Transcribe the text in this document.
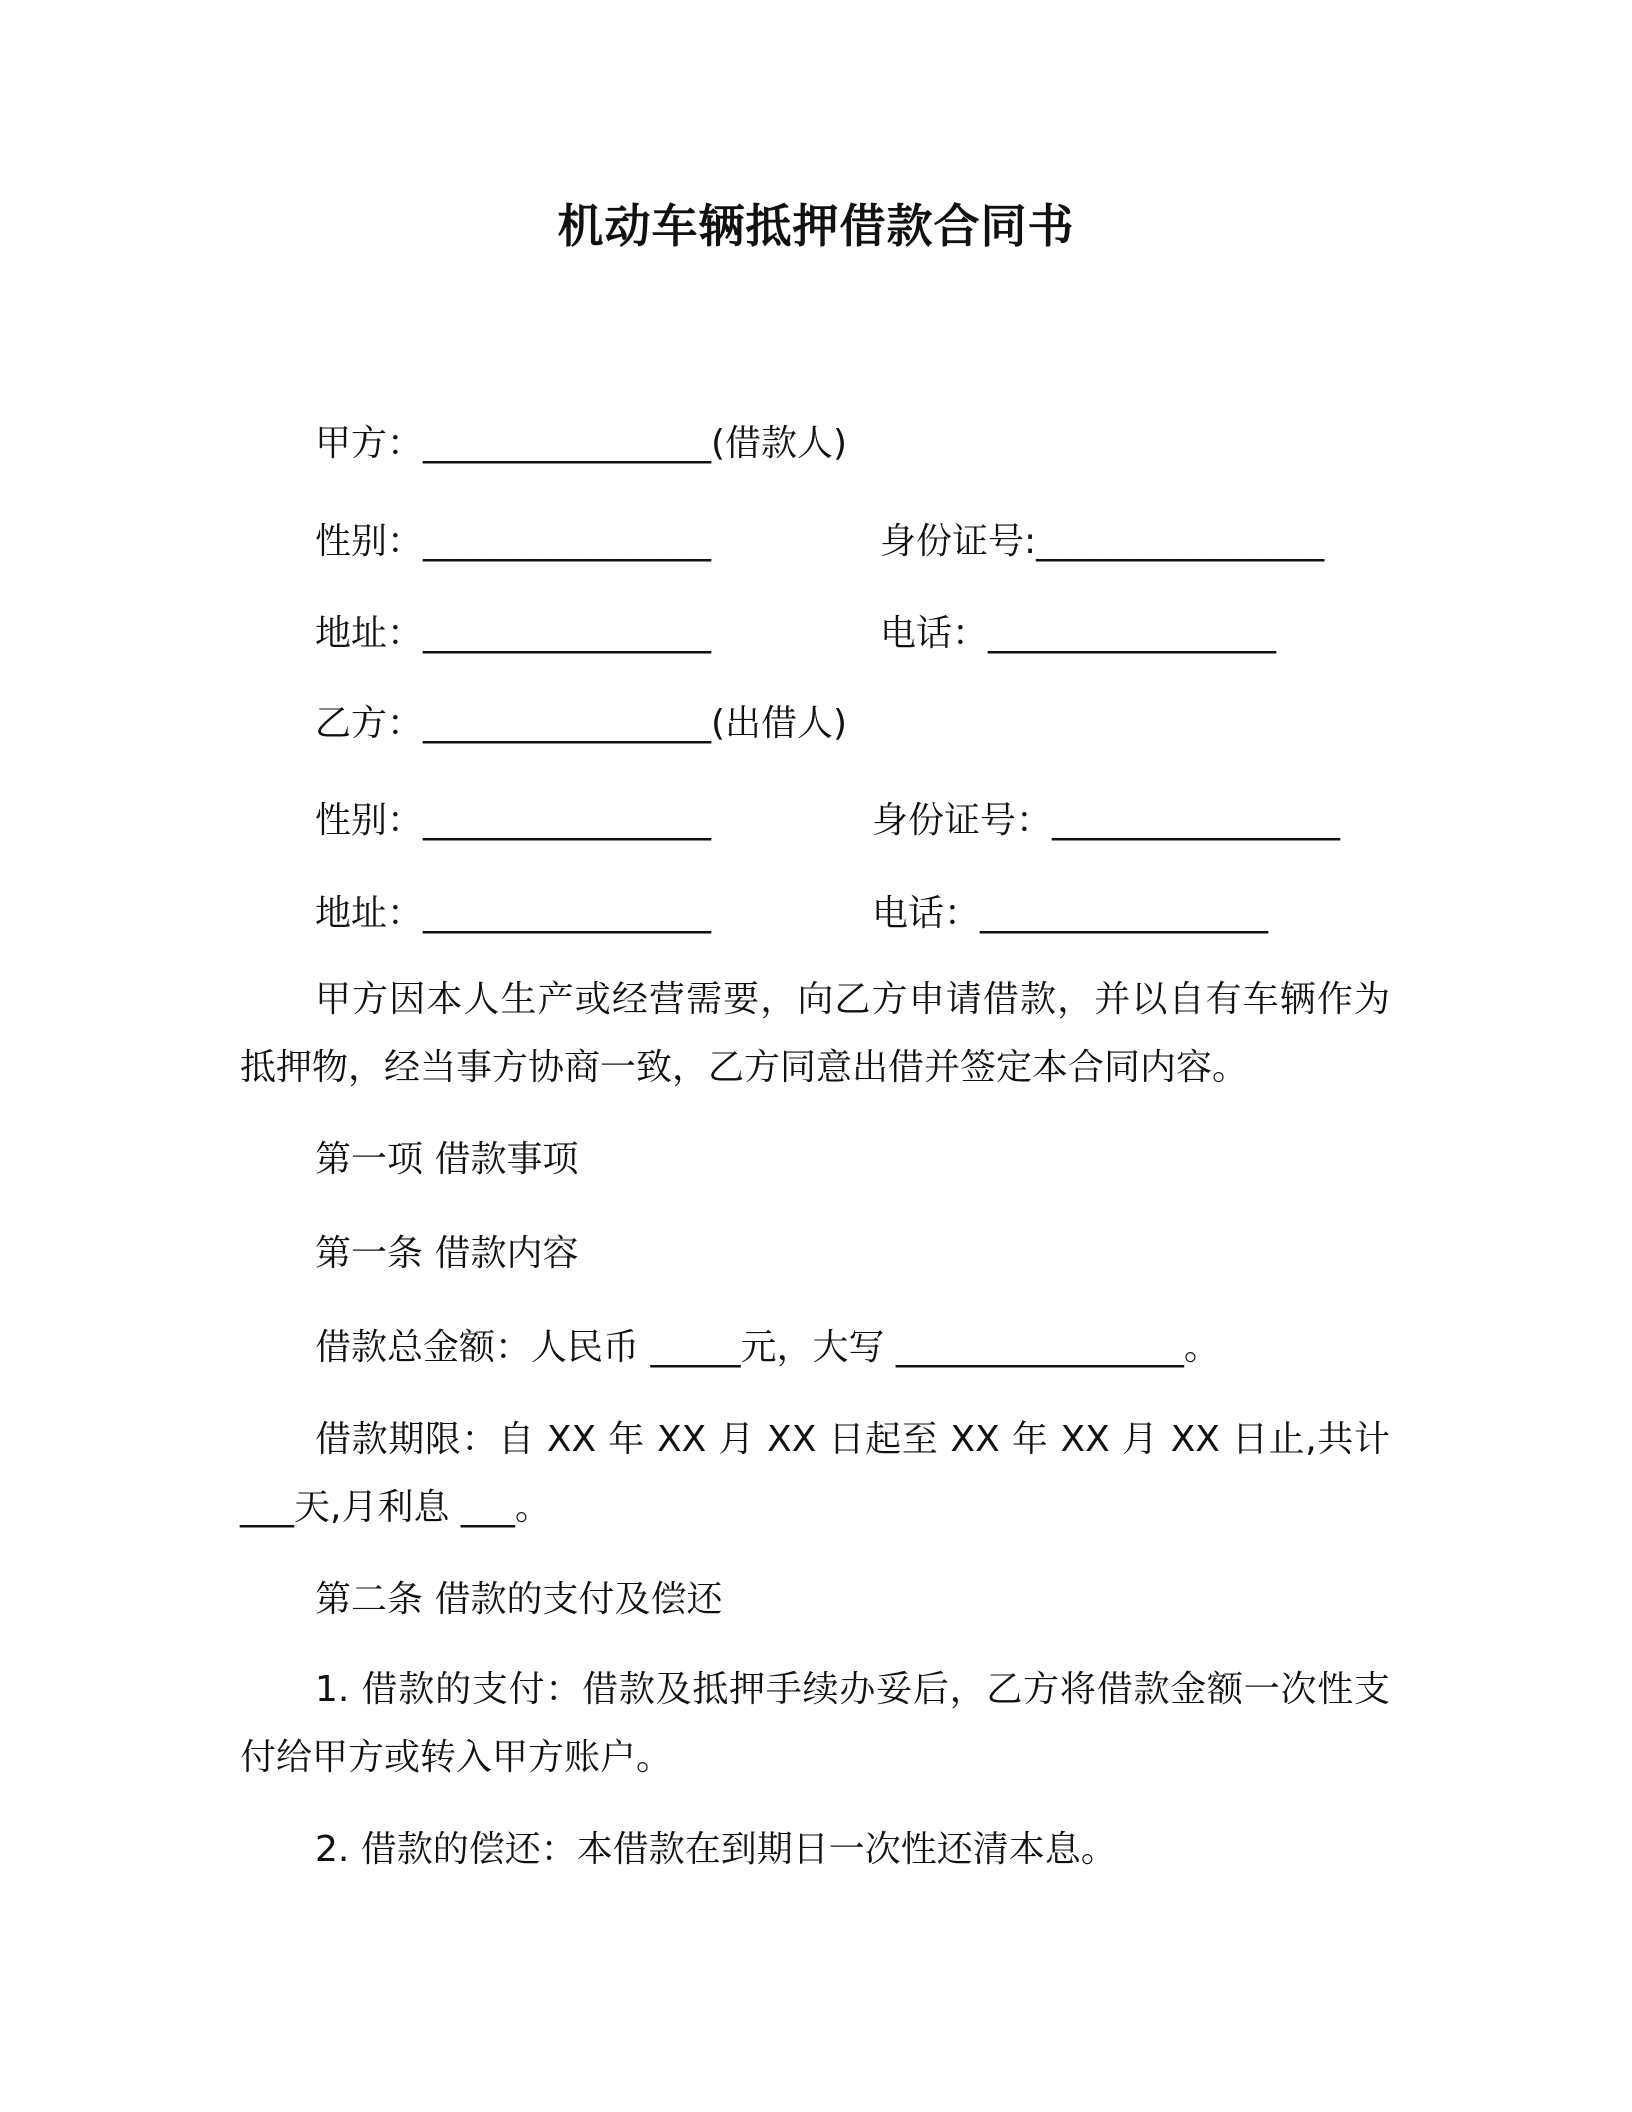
机动车辆抵押借款合同书
甲方：________________(借款人)
性别：________________	身份证号:________________
地址：________________	电话：________________
乙方：________________(出借人)
性别：________________	身份证号：________________
地址：________________	电话：________________
甲方因本人生产或经营需要，向乙方申请借款，并以自有车辆作为抵押物，经当事方协商一致，乙方同意出借并签定本合同内容。
第一项 借款事项
第一条 借款内容
借款总金额：人民币 _____元，大写 ________________。
借款期限：自 XX 年 XX 月 XX 日起至 XX 年 XX 月 XX 日止,共计___天,月利息 ___。
第二条 借款的支付及偿还
1. 借款的支付：借款及抵押手续办妥后，乙方将借款金额一次性支付给甲方或转入甲方账户。
2. 借款的偿还：本借款在到期日一次性还清本息。
